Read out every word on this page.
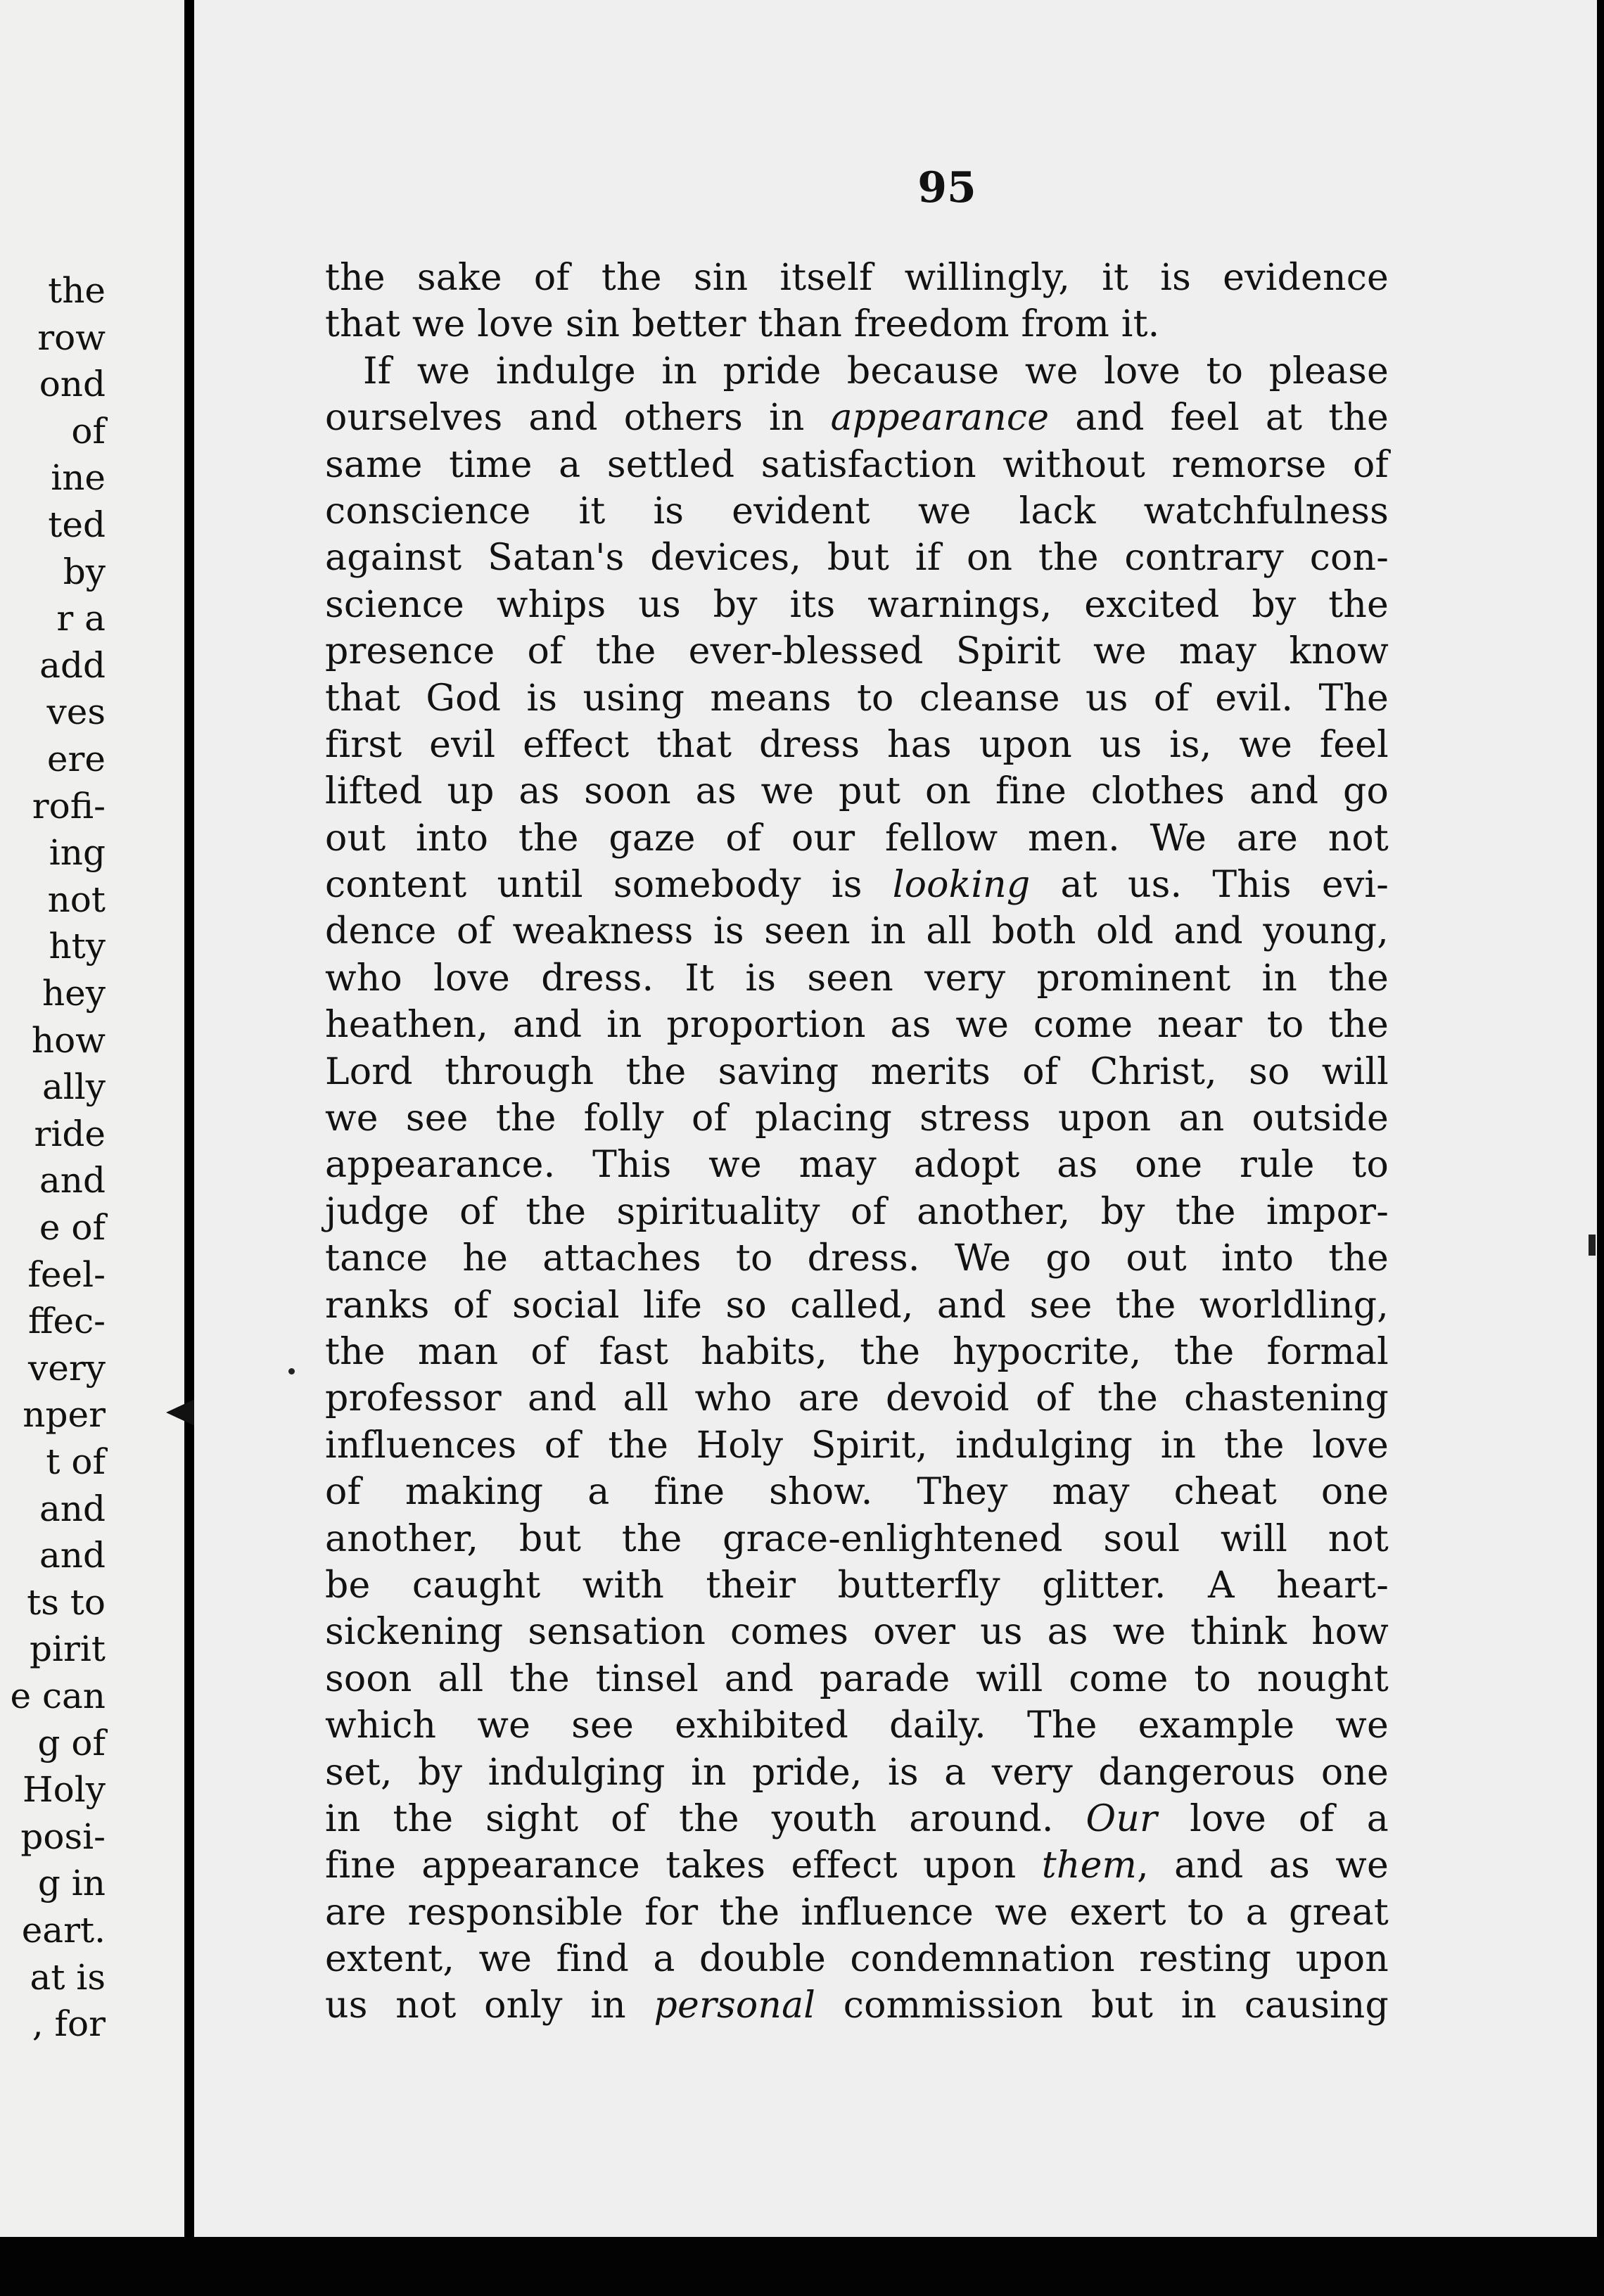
the
row
ond
of
ine
ted
by
r a
add
ves
ere
rofi-
ing
not
hty
hey
how
ally
ride
and
e of
feel-
ffec-
very
nper
t of
and
and
ts to
pirit
e can
g of
Holy
posi-
g in
eart.
at is
, for
95
the sake of the sin itself willingly, it is evidence
that we love sin better than freedom from it.
If we indulge in pride because we love to please
ourselves and others in appearance and feel at the
same time a settled satisfaction without remorse of
conscience it is evident we lack watchfulness
against Satan's devices, but if on the contrary con-
science whips us by its warnings, excited by the
presence of the ever-blessed Spirit we may know
that God is using means to cleanse us of evil. The
first evil effect that dress has upon us is, we feel
lifted up as soon as we put on fine clothes and go
out into the gaze of our fellow men. We are not
content until somebody is looking at us. This evi-
dence of weakness is seen in all both old and young,
who love dress. It is seen very prominent in the
heathen, and in proportion as we come near to the
Lord through the saving merits of Christ, so will
we see the folly of placing stress upon an outside
appearance. This we may adopt as one rule to
judge of the spirituality of another, by the impor-
tance he attaches to dress. We go out into the
ranks of social life so called, and see the worldling,
the man of fast habits, the hypocrite, the formal
professor and all who are devoid of the chastening
influences of the Holy Spirit, indulging in the love
of making a fine show. They may cheat one
another, but the grace-enlightened soul will not
be caught with their butterfly glitter. A heart-
sickening sensation comes over us as we think how
soon all the tinsel and parade will come to nought
which we see exhibited daily. The example we
set, by indulging in pride, is a very dangerous one
in the sight of the youth around. Our love of a
fine appearance takes effect upon them, and as we
are responsible for the influence we exert to a great
extent, we find a double condemnation resting upon
us not only in personal commission but in causing
